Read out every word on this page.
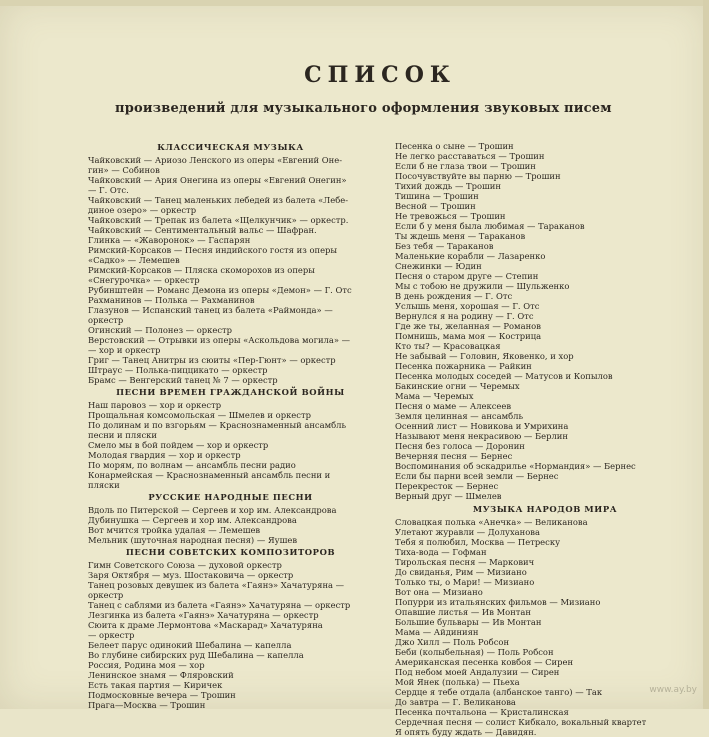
СПИСОК
произведений для музыкального оформления звуковых писем
КЛАССИЧЕСКАЯ МУЗЫКА
Чайковский — Ариозо Ленского из оперы «Евгений Оне-
гин» — Собинов
Чайковский — Ария Онегина из оперы «Евгений Онегин»
— Г. Отс.
Чайковский — Танец маленьких лебедей из балета «Лебе-
диное озеро» — оркестр
Чайковский — Трепак из балета «Щелкунчик» — оркестр.
Чайковский — Сентиментальный вальс — Шафран.
Глинка — «Жаворонок» — Гаспарян
Римский-Корсаков — Песня индийского гостя из оперы
«Садко» — Лемешев
Римский-Корсаков — Пляска скоморохов из оперы
«Снегурочка» — оркестр
Рубинштейн — Романс Демона из оперы «Демон» — Г. Отс
Рахманинов — Полька — Рахманинов
Глазунов — Испанский танец из балета «Раймонда» —
оркестр
Огинский — Полонез — оркестр
Верстовский — Отрывки из оперы «Аскольдова могила» —
— хор и оркестр
Григ — Танец Анитры из сюиты «Пер-Гюнт» — оркестр
Штраус — Полька-пиццикато — оркестр
Брамс — Венгерский танец № 7 — оркестр
ПЕСНИ ВРЕМЕН ГРАЖДАНСКОЙ ВОЙНЫ
Наш паровоз — хор и оркестр
Прощальная комсомольская — Шмелев и оркестр
По долинам и по взгорьям — Краснознаменный ансамбль
песни и пляски
Смело мы в бой пойдем — хор и оркестр
Молодая гвардия — хор и оркестр
По морям, по волнам — ансамбль песни радио
Конармейская — Краснознаменный ансамбль песни и
пляски
РУССКИЕ НАРОДНЫЕ ПЕСНИ
Вдоль по Питерской — Сергеев и хор им. Александрова
Дубинушка — Сергеев и хор им. Александрова
Вот мчится тройка удалая — Лемешев
Мельник (шуточная народная песня) — Яушев
ПЕСНИ СОВЕТСКИХ КОМПОЗИТОРОВ
Гимн Советского Союза — духовой оркестр
Заря Октября — муз. Шостаковича — оркестр
Танец розовых девушек из балета «Гаянэ» Хачатуряна —
оркестр
Танец с саблями из балета «Гаянэ» Хачатуряна — оркестр
Лезгинка из балета «Гаянэ» Хачатуряна — оркестр
Сюита к драме Лермонтова «Маскарад» Хачатуряна
— оркестр
Белеет парус одинокий Шебалина — капелла
Во глубине сибирских руд Шебалина — капелла
Россия, Родина моя — хор
Ленинское знамя — Фляровский
Есть такая партия — Киричек
Подмосковные вечера — Трошин
Прага—Москва — Трошин
Песенка о сыне — Трошин
Не легко расставаться — Трошин
Если б не глаза твои — Трошин
Посочувствуйте вы парню — Трошин
Тихий дождь — Трошин
Тишина — Трошин
Весной — Трошин
Не тревожься — Трошин
Если б у меня была любимая — Тараканов
Ты ждешь меня — Тараканов
Без тебя — Тараканов
Маленькие корабли — Лазаренко
Снежинки — Юдин
Песня о старом друге — Степин
Мы с тобою не дружили — Шульженко
В день рождения — Г. Отс
Услышь меня, хорошая — Г. Отс
Вернулся я на родину — Г. Отс
Где же ты, желанная — Романов
Помнишь, мама моя — Кострица
Кто ты? — Красовацкая
Не забывай — Головин, Яковенко, и хор
Песенка пожарника — Райкин
Песенка молодых соседей — Матусов и Копылов
Бакинские огни — Черемых
Мама — Черемых
Песня о маме — Алексеев
Земля целинная — ансамбль
Осенний лист — Новикова и Умрихина
Называют меня некрасивою — Берлин
Песня без голоса — Доронин
Вечерняя песня — Бернес
Воспоминания об эскадрилье «Нормандия» — Бернес
Если бы парни всей земли — Бернес
Перекресток — Бернес
Верный друг — Шмелев
МУЗЫКА НАРОДОВ МИРА
Словацкая полька «Анечка» — Великанова
Улетают журавли — Долуханова
Тебя я полюбил, Москва — Петреску
Тиха-вода — Гофман
Тирольская песня — Маркович
До свиданья, Рим — Мизиано
Только ты, о Мари! — Мизиано
Вот она — Мизиано
Попурри из итальянских фильмов — Мизиано
Опавшие листья — Ив Монтан
Большие бульвары — Ив Монтан
Мама — Айдиниян
Джо Хилл — Поль Робсон
Беби (колыбельная) — Поль Робсон
Американская песенка ковбоя — Сирен
Под небом моей Андалузии — Сирен
Мой Янек (полька) — Пьеха
Сердце я тебе отдала (албанское танго) — Так
До завтра — Г. Великанова
Песенка почтальона — Кристалинская
Сердечная песня — солист Кибкало, вокальный квартет
Я опять буду ждать — Давидян.
www.ay.by
